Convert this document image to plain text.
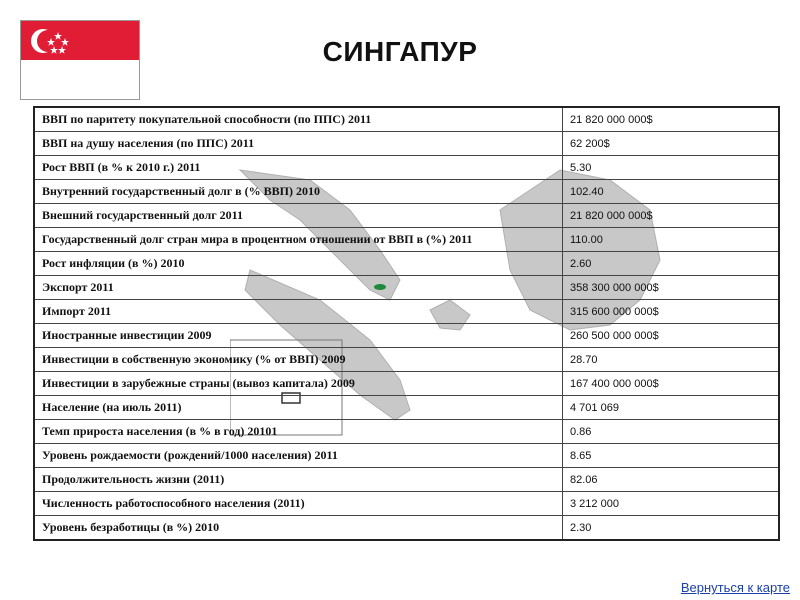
СИНГАПУР
ВВП по паритету покупательной способности (по ППС) 2011	21 820 000 000$
ВВП на душу населения (по ППС) 2011	62 200$
Рост ВВП (в % к 2010 г.) 2011	5.30
Внутренний государственный долг в (% ВВП) 2010	102.40
Внешний государственный долг 2011	21 820 000 000$
Государственный долг стран мира в процентном отношении от ВВП в (%) 2011	110.00
Рост инфляции (в %) 2010	2.60
Экспорт 2011	358 300 000 000$
Импорт 2011	315 600 000 000$
Иностранные инвестиции 2009	260 500 000 000$
Инвестиции в собственную экономику (% от ВВП) 2009	28.70
Инвестиции в зарубежные страны (вывоз капитала) 2009	167 400 000 000$
Население (на июль 2011)	4 701 069
Темп прироста населения (в % в год) 20101	0.86
Уровень рождаемости (рождений/1000 населения) 2011	8.65
Продолжительность жизни (2011)	82.06
Численность работоспособного населения (2011)	3 212 000
Уровень безработицы (в %) 2010	2.30
Вернуться к карте
